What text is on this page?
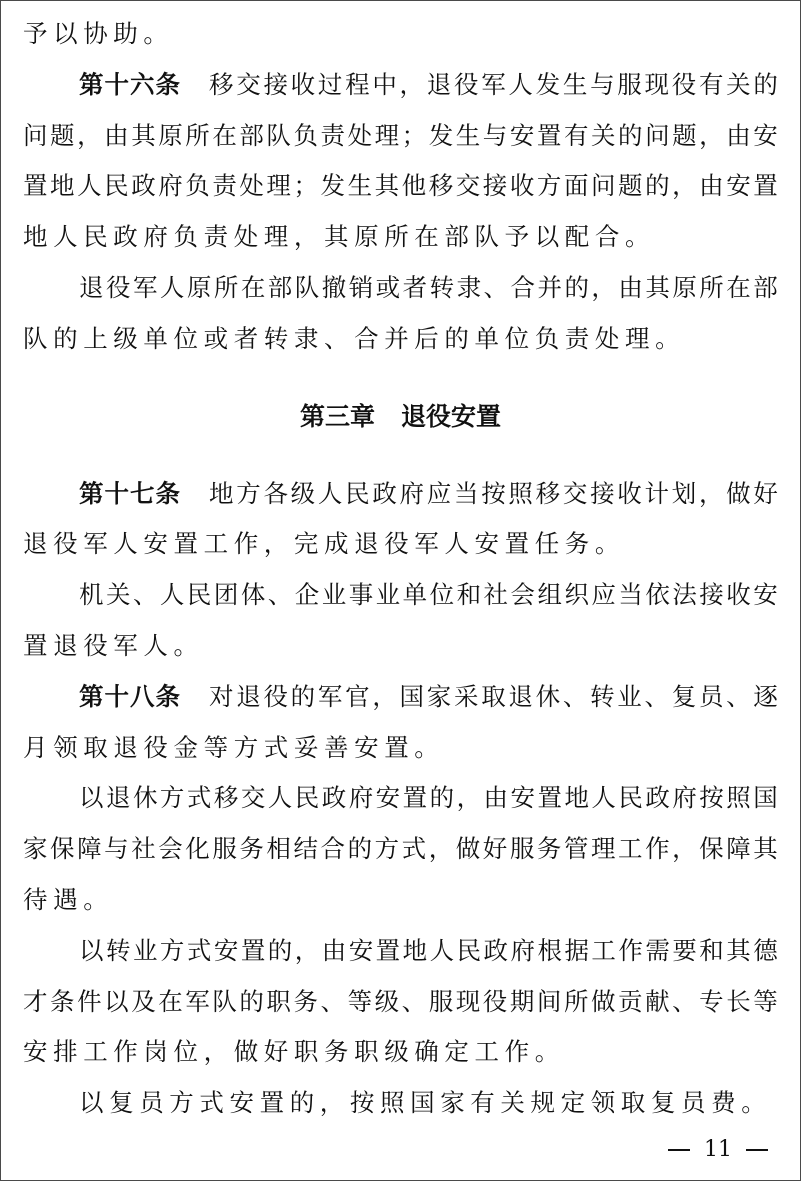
予以协助。
第十六条 移 交 接 收 过 程 中 ， 退 役 军 人 发 生 与 服 现 役 有 关 的
问 题 ， 由 其 原 所 在 部 队 负 责 处 理 ； 发 生 与 安 置 有 关 的 问 题 ， 由 安
置 地 人 民 政 府 负 责 处 理 ； 发 生 其 他 移 交 接 收 方 面 问 题 的 ， 由 安 置
地人民政府负责处理，其原所在部队予以配合。
退 役 军 人 原 所 在 部 队 撤 销 或 者 转 隶 、 合 并 的 ， 由 其 原 所 在 部
队的上级单位或者转隶、合并后的单位负责处理。
第三章 退役安置
第十七条 地 方 各 级 人 民 政 府 应 当 按 照 移 交 接 收 计 划 ， 做 好
退役军人安置工作，完成退役军人安置任务。
机 关 、 人 民 团 体 、 企 业 事 业 单 位 和 社 会 组 织 应 当 依 法 接 收 安
置退役军人。
第十八条 对 退 役 的 军 官 ， 国 家 采 取 退 休 、 转 业 、 复 员 、 逐
月领取退役金等方式妥善安置。
以 退 休 方 式 移 交 人 民 政 府 安 置 的 ， 由 安 置 地 人 民 政 府 按 照 国
家 保 障 与 社 会 化 服 务 相 结 合 的 方 式 ， 做 好 服 务 管 理 工 作 ， 保 障 其
待遇。
以 转 业 方 式 安 置 的 ， 由 安 置 地 人 民 政 府 根 据 工 作 需 要 和 其 德
才 条 件 以 及 在 军 队 的 职 务 、 等 级 、 服 现 役 期 间 所 做 贡 献 、 专 长 等
安排工作岗位，做好职务职级确定工作。
以复员方式安置的，按照国家有关规定领取复员费。
11
